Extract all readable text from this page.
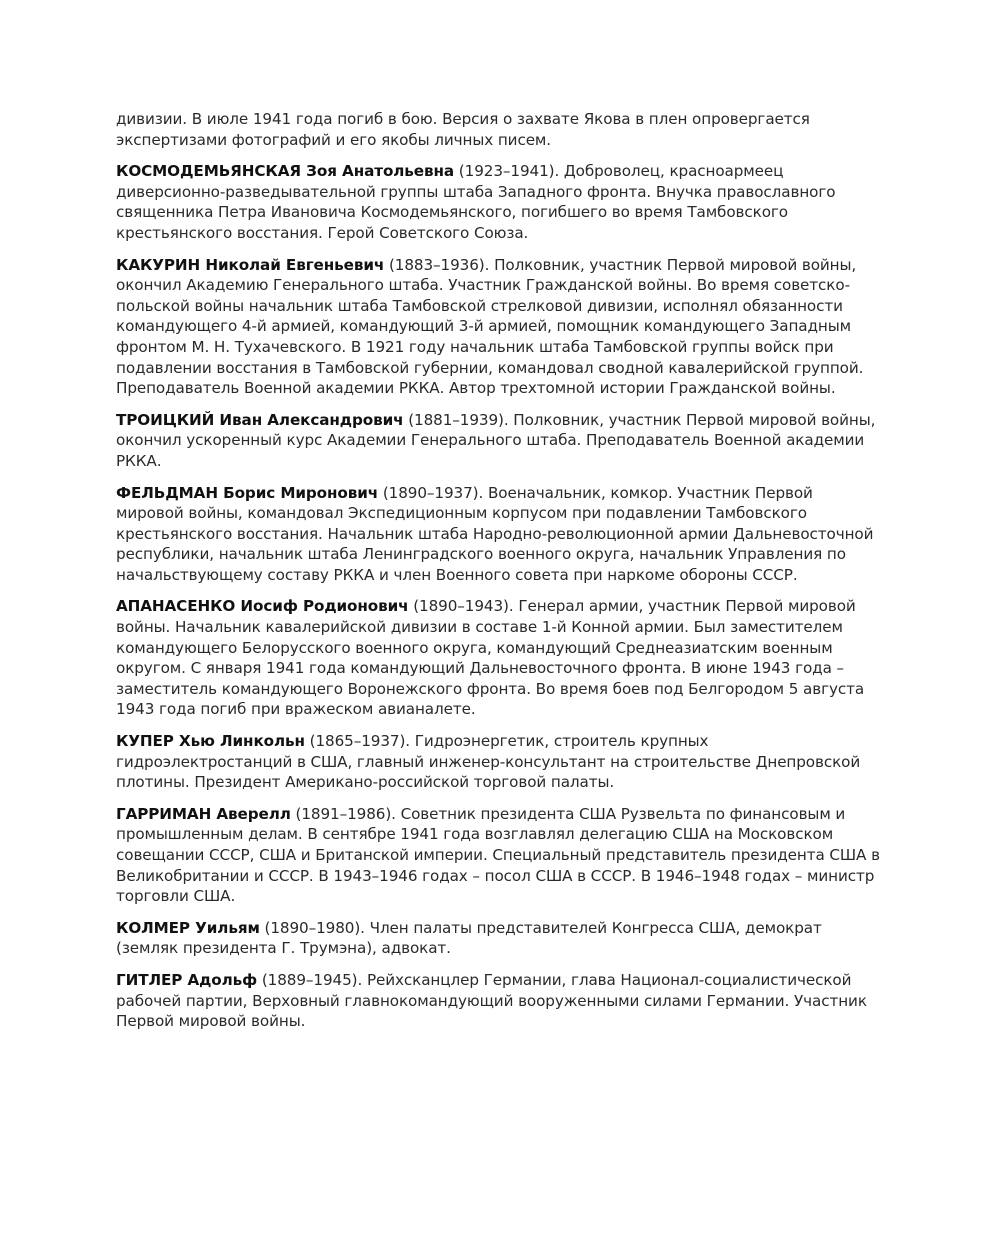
дивизии. В июле 1941 года погиб в бою. Версия о захвате Якова в плен опровергается экспертизами фотографий и его якобы личных писем.

КОСМОДЕМЬЯНСКАЯ Зоя Анатольевна (1923–1941). Доброволец, красноармеец диверсионно-разведывательной группы штаба Западного фронта. Внучка православного священника Петра Ивановича Космодемьянского, погибшего во время Тамбовского крестьянского восстания. Герой Советского Союза.

КАКУРИН Николай Евгеньевич (1883–1936). Полковник, участник Первой мировой войны, окончил Академию Генерального штаба. Участник Гражданской войны. Во время советско-польской войны начальник штаба Тамбовской стрелковой дивизии, исполнял обязанности командующего 4-й армией, командующий 3-й армией, помощник командующего Западным фронтом М. Н. Тухачевского. В 1921 году начальник штаба Тамбовской группы войск при подавлении восстания в Тамбовской губернии, командовал сводной кавалерийской группой. Преподаватель Военной академии РККА. Автор трехтомной истории Гражданской войны.

ТРОИЦКИЙ Иван Александрович (1881–1939). Полковник, участник Первой мировой войны, окончил ускоренный курс Академии Генерального штаба. Преподаватель Военной академии РККА.

ФЕЛЬДМАН Борис Миронович (1890–1937). Военачальник, комкор. Участник Первой мировой войны, командовал Экспедиционным корпусом при подавлении Тамбовского крестьянского восстания. Начальник штаба Народно-революционной армии Дальневосточной республики, начальник штаба Ленинградского военного округа, начальник Управления по начальствующему составу РККА и член Военного совета при наркоме обороны СССР.

АПАНАСЕНКО Иосиф Родионович (1890–1943). Генерал армии, участник Первой мировой войны. Начальник кавалерийской дивизии в составе 1-й Конной армии. Был заместителем командующего Белорусского военного округа, командующий Среднеазиатским военным округом. С января 1941 года командующий Дальневосточного фронта. В июне 1943 года – заместитель командующего Воронежского фронта. Во время боев под Белгородом 5 августа 1943 года погиб при вражеском авианалете.

КУПЕР Хью Линкольн (1865–1937). Гидроэнергетик, строитель крупных гидроэлектростанций в США, главный инженер-консультант на строительстве Днепровской плотины. Президент Американо-российской торговой палаты.

ГАРРИМАН Аверелл (1891–1986). Советник президента США Рузвельта по финансовым и промышленным делам. В сентябре 1941 года возглавлял делегацию США на Московском совещании СССР, США и Британской империи. Специальный представитель президента США в Великобритании и СССР. В 1943–1946 годах – посол США в СССР. В 1946–1948 годах – министр торговли США.

КОЛМЕР Уильям (1890–1980). Член палаты представителей Конгресса США, демократ (земляк президента Г. Трумэна), адвокат.

ГИТЛЕР Адольф (1889–1945). Рейхсканцлер Германии, глава Национал-социалистической рабочей партии, Верховный главнокомандующий вооруженными силами Германии. Участник Первой мировой войны.
